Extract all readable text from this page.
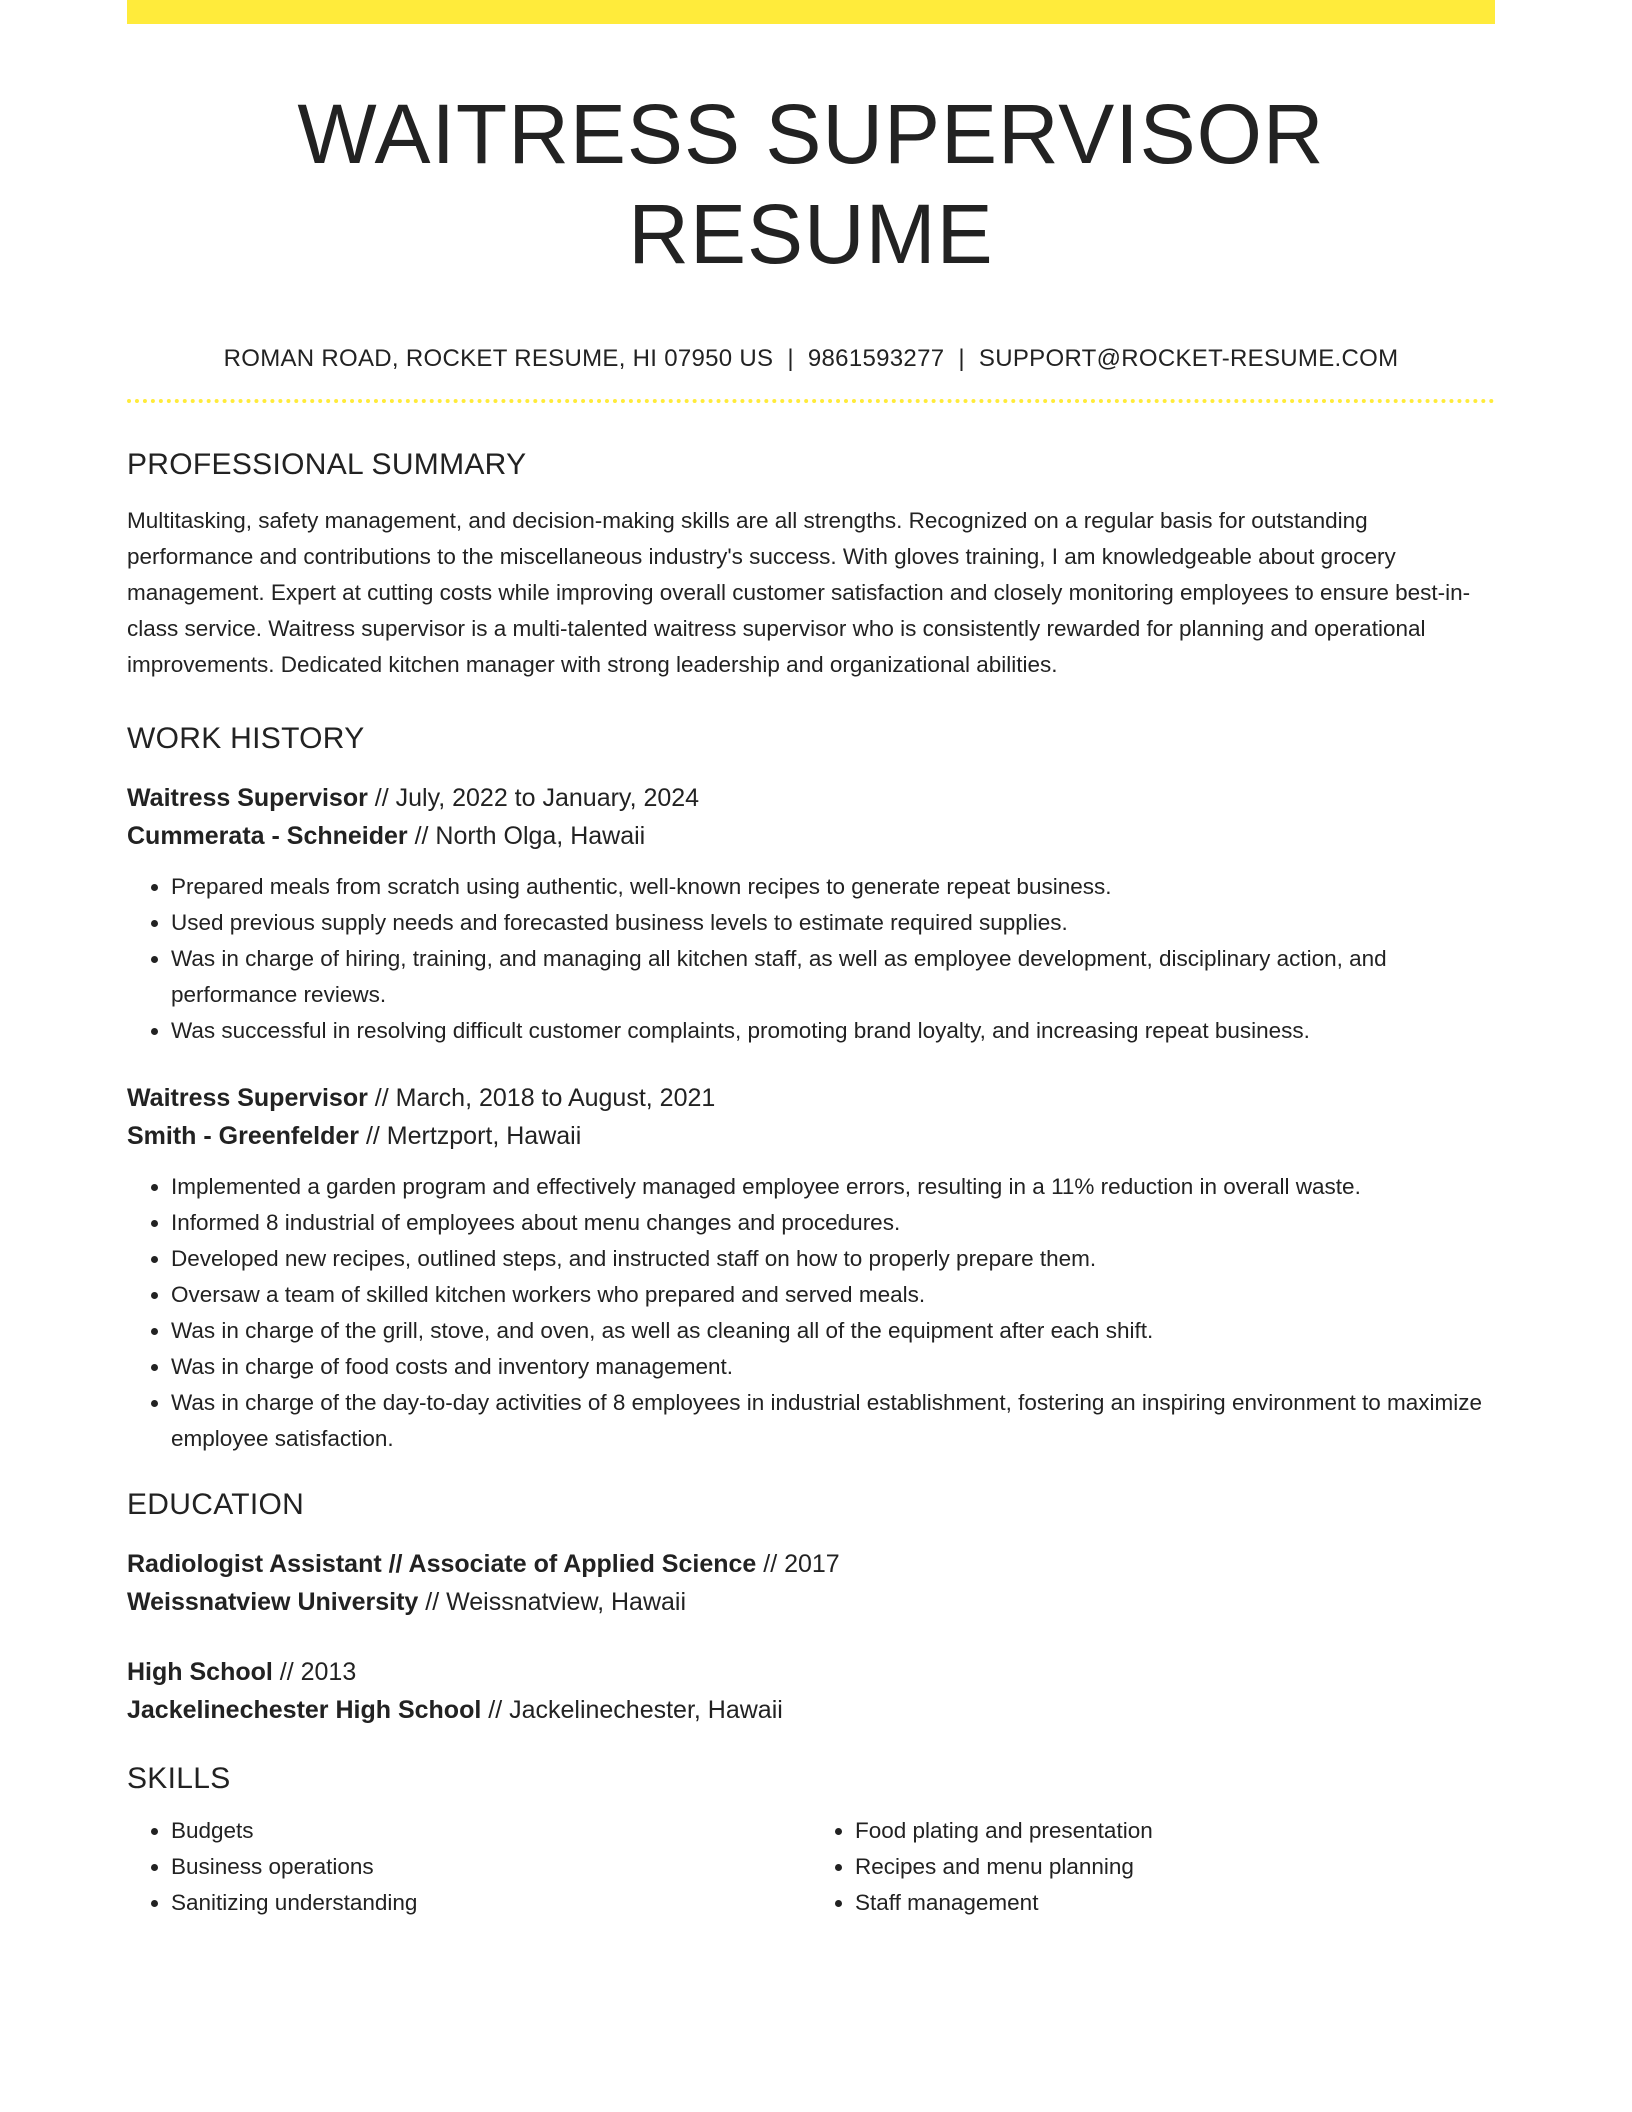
WAITRESS SUPERVISOR RESUME
ROMAN ROAD, ROCKET RESUME, HI 07950 US | 9861593277 | SUPPORT@ROCKET-RESUME.COM
PROFESSIONAL SUMMARY

Multitasking, safety management, and decision-making skills are all strengths. Recognized on a regular basis for outstanding performance and contributions to the miscellaneous industry's success. With gloves training, I am knowledgeable about grocery management. Expert at cutting costs while improving overall customer satisfaction and closely monitoring employees to ensure best-in-class service. Waitress supervisor is a multi-talented waitress supervisor who is consistently rewarded for planning and operational improvements. Dedicated kitchen manager with strong leadership and organizational abilities.

WORK HISTORY
Waitress Supervisor // July, 2022 to January, 2024
Cummerata - Schneider // North Olga, Hawaii
• Prepared meals from scratch using authentic, well-known recipes to generate repeat business.
• Used previous supply needs and forecasted business levels to estimate required supplies.
• Was in charge of hiring, training, and managing all kitchen staff, as well as employee development, disciplinary action, and performance reviews.
• Was successful in resolving difficult customer complaints, promoting brand loyalty, and increasing repeat business.
Waitress Supervisor // March, 2018 to August, 2021
Smith - Greenfelder // Mertzport, Hawaii
• Implemented a garden program and effectively managed employee errors, resulting in a 11% reduction in overall waste.
• Informed 8 industrial of employees about menu changes and procedures.
• Developed new recipes, outlined steps, and instructed staff on how to properly prepare them.
• Oversaw a team of skilled kitchen workers who prepared and served meals.
• Was in charge of the grill, stove, and oven, as well as cleaning all of the equipment after each shift.
• Was in charge of food costs and inventory management.
• Was in charge of the day-to-day activities of 8 employees in industrial establishment, fostering an inspiring environment to maximize employee satisfaction.
EDUCATION
Radiologist Assistant // Associate of Applied Science // 2017
Weissnatview University // Weissnatview, Hawaii
High School // 2013
Jackelinechester High School // Jackelinechester, Hawaii
SKILLS
• Budgets
• Business operations
• Sanitizing understanding
• Food plating and presentation
• Recipes and menu planning
• Staff management
